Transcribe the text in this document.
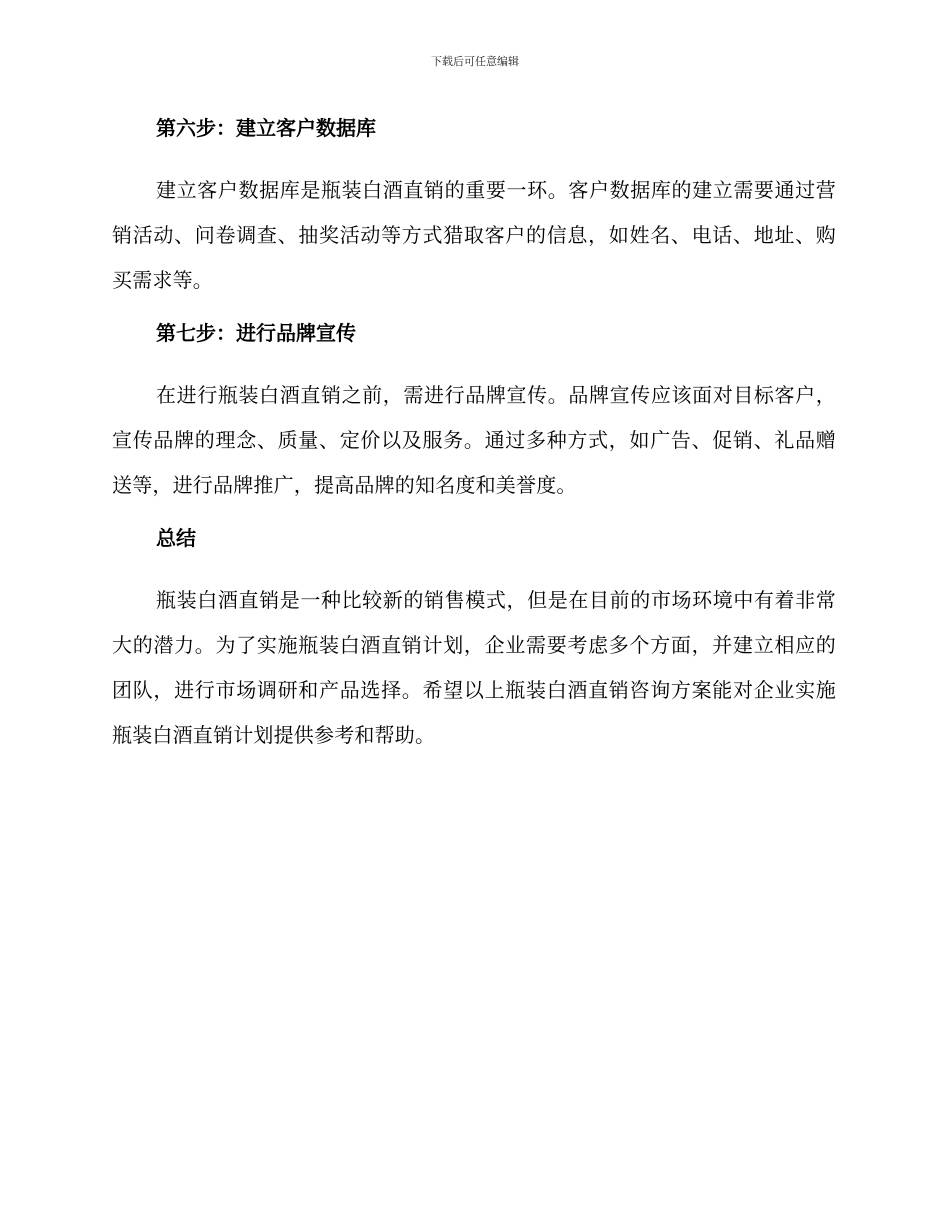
下载后可任意编辑
第六步：建立客户数据库

建立客户数据库是瓶装白酒直销的重要一环。客户数据库的建立需要通过营销活动、问卷调查、抽奖活动等方式猎取客户的信息，如姓名、电话、地址、购买需求等。

第七步：进行品牌宣传

在进行瓶装白酒直销之前，需进行品牌宣传。品牌宣传应该面对目标客户，宣传品牌的理念、质量、定价以及服务。通过多种方式，如广告、促销、礼品赠送等，进行品牌推广，提高品牌的知名度和美誉度。

总结

瓶装白酒直销是一种比较新的销售模式，但是在目前的市场环境中有着非常大的潜力。为了实施瓶装白酒直销计划，企业需要考虑多个方面，并建立相应的团队，进行市场调研和产品选择。希望以上瓶装白酒直销咨询方案能对企业实施瓶装白酒直销计划提供参考和帮助。
